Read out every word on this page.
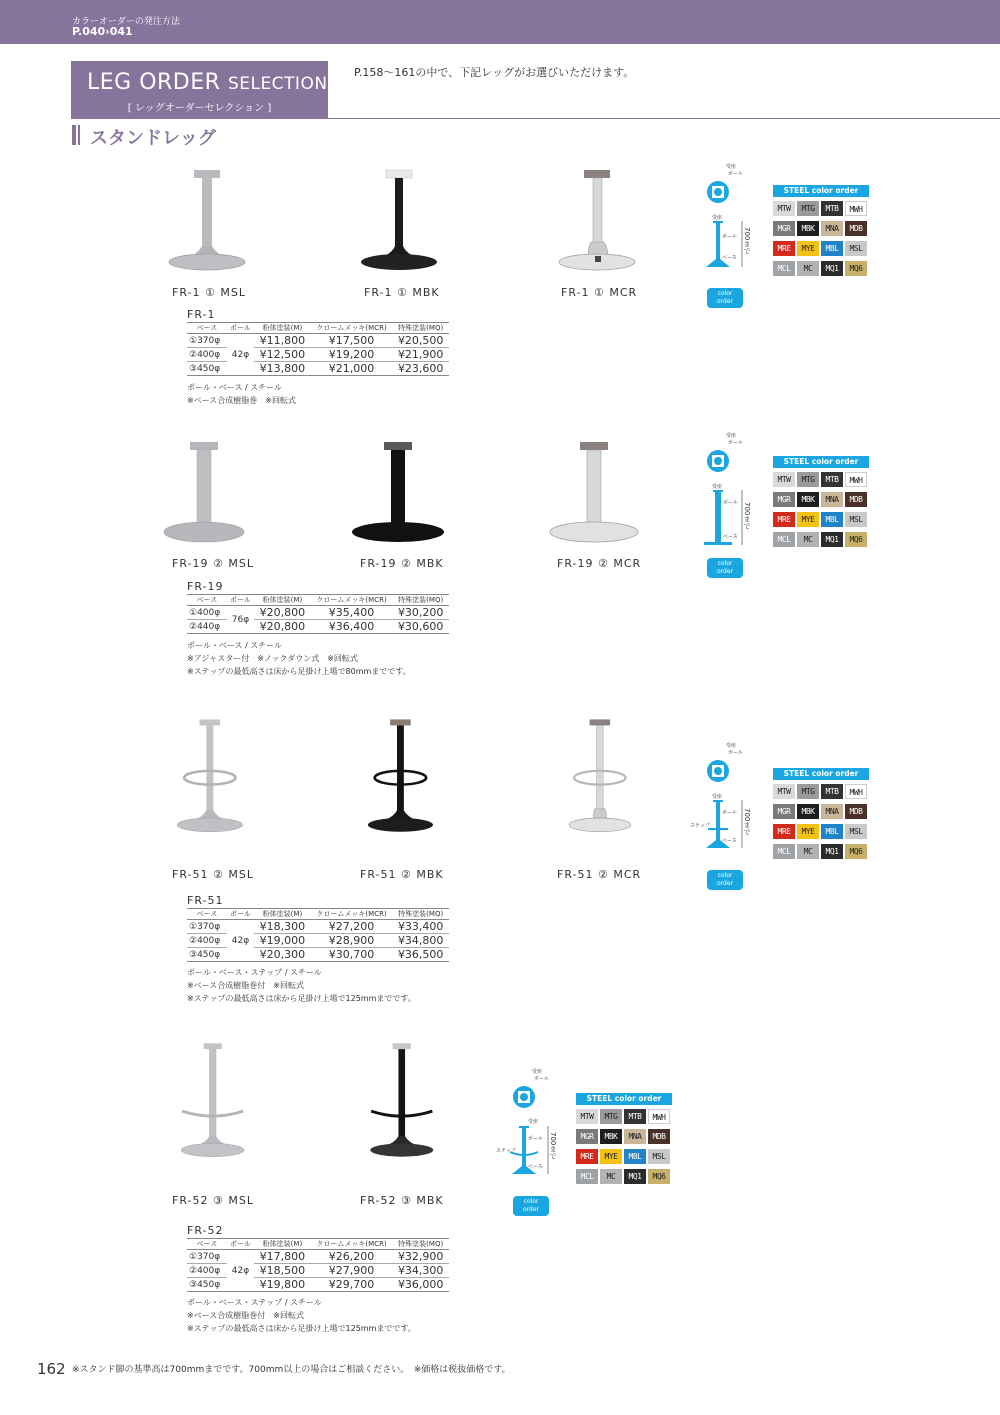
カラーオーダーの発注方法
P.040›041
LEG ORDER SELECTION
[ レッグオーダーセレクション ]
P.158〜161の中で、下記レッグがお選びいただけます。
スタンドレッグ
FR-1 ① MSL	FR-1 ① MBK	FR-1 ① MCR
受座
ポール
受座
ポール
ベース
700まで
color
order
STEEL color order
MTW	MTG	MTB	MWH
MGR	MBK	MNA	MDB
MRE	MYE	MBL	MSL
MCL	MC	MQ1	MQ6
FR-1
ベース	ポール	粉体塗装(M)	クロームメッキ(MCR)	特殊塗装(MQ)
①370φ	42φ	¥11,800	¥17,500	¥20,500
②400φ		¥12,500	¥19,200	¥21,900
③450φ		¥13,800	¥21,000	¥23,600
ポール・ベース / スチール
※ベース合成樹脂巻　※回転式
FR-19 ② MSL	FR-19 ② MBK	FR-19 ② MCR
受座
ポール
受座
ポール
ベース
700まで
color
order
STEEL color order
MTW	MTG	MTB	MWH
MGR	MBK	MNA	MDB
MRE	MYE	MBL	MSL
MCL	MC	MQ1	MQ6
FR-19
ベース	ポール	粉体塗装(M)	クロームメッキ(MCR)	特殊塗装(MQ)
①400φ	76φ	¥20,800	¥35,400	¥30,200
②440φ		¥20,800	¥36,400	¥30,600
ポール・ベース / スチール
※アジャスター付　※ノックダウン式　※回転式
※ステップの最低高さは床から足掛け上場で80mmまでです。
FR-51 ② MSL	FR-51 ② MBK	FR-51 ② MCR
受座
ポール
受座
ステップ
ポール
ベース
700まで
color
order
STEEL color order
MTW	MTG	MTB	MWH
MGR	MBK	MNA	MDB
MRE	MYE	MBL	MSL
MCL	MC	MQ1	MQ6
FR-51
ベース	ポール	粉体塗装(M)	クロームメッキ(MCR)	特殊塗装(MQ)
①370φ	42φ	¥18,300	¥27,200	¥33,400
②400φ		¥19,000	¥28,900	¥34,800
③450φ		¥20,300	¥30,700	¥36,500
ポール・ベース・ステップ / スチール
※ベース合成樹脂巻付　※回転式
※ステップの最低高さは床から足掛け上場で125mmまでです。
FR-52 ③ MSL	FR-52 ③ MBK
受座
ポール
受座
ステップ
ポール
ベース
700まで
color
order
STEEL color order
MTW	MTG	MTB	MWH
MGR	MBK	MNA	MDB
MRE	MYE	MBL	MSL
MCL	MC	MQ1	MQ6
FR-52
ベース	ポール	粉体塗装(M)	クロームメッキ(MCR)	特殊塗装(MQ)
①370φ	42φ	¥17,800	¥26,200	¥32,900
②400φ		¥18,500	¥27,900	¥34,300
③450φ		¥19,800	¥29,700	¥36,000
ポール・ベース・ステップ / スチール
※ベース合成樹脂巻付　※回転式
※ステップの最低高さは床から足掛け上場で125mmまでです。
162 ※スタンド脚の基準高は700mmまでです。700mm以上の場合はご相談ください。　※価格は税抜価格です。
